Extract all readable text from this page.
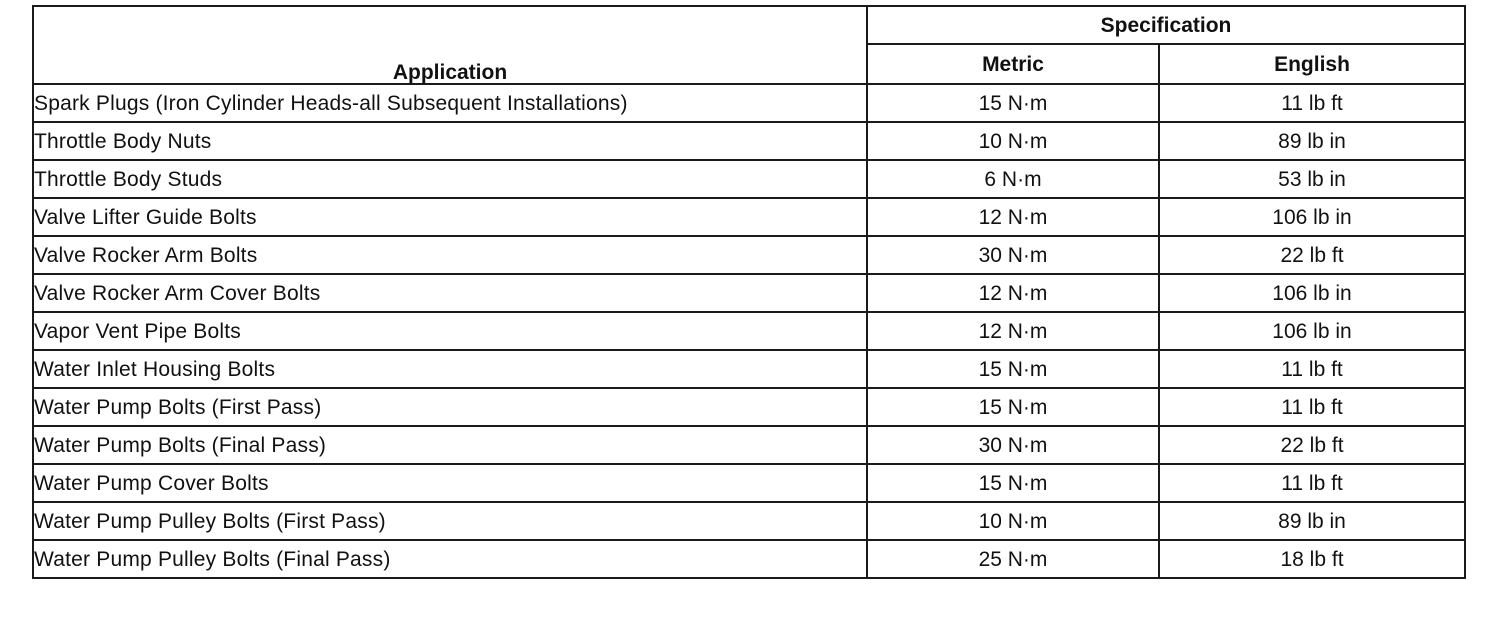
Application	Specification	
	Metric	English
Spark Plugs (Iron Cylinder Heads-all Subsequent Installations)	15 N·m	11 lb ft
Throttle Body Nuts	10 N·m	89 lb in
Throttle Body Studs	6 N·m	53 lb in
Valve Lifter Guide Bolts	12 N·m	106 lb in
Valve Rocker Arm Bolts	30 N·m	22 lb ft
Valve Rocker Arm Cover Bolts	12 N·m	106 lb in
Vapor Vent Pipe Bolts	12 N·m	106 lb in
Water Inlet Housing Bolts	15 N·m	11 lb ft
Water Pump Bolts (First Pass)	15 N·m	11 lb ft
Water Pump Bolts (Final Pass)	30 N·m	22 lb ft
Water Pump Cover Bolts	15 N·m	11 lb ft
Water Pump Pulley Bolts (First Pass)	10 N·m	89 lb in
Water Pump Pulley Bolts (Final Pass)	25 N·m	18 lb ft
